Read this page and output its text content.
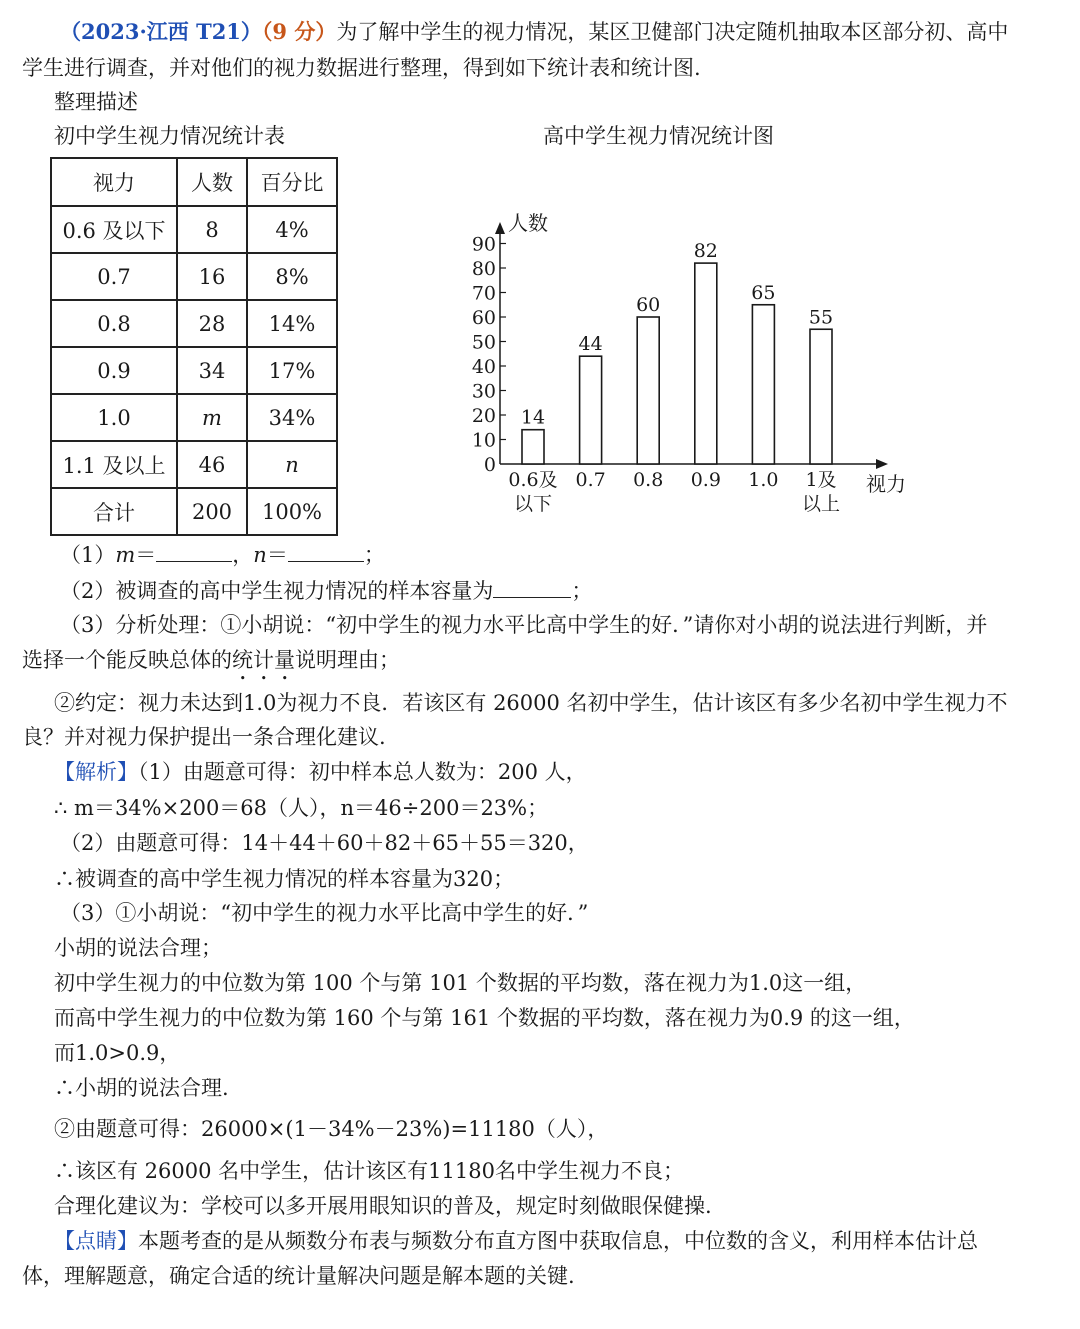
（2023·江西 T21）（9 分）为了解中学生的视力情况，某区卫健部门决定随机抽取本区部分初、高中
学生进行调查，并对他们的视力数据进行整理，得到如下统计表和统计图.
整理描述
初中学生视力情况统计表	高中学生视力情况统计图
视力	人数	百分比
0.6 及以下	8	4%
0.7	16	8%
0.8	28	14%
0.9	34	17%
1.0	m	34%
1.1 及以上	46	n
合计	200	100%
0
10
20
30
40
50
60
70
80
90
人数
视力
14
0.6及
以下
44
0.7
60
0.8
82
0.9
65
1.0
55
1及
以上
（1）m＝	，n＝	；
（2）被调查的高中学生视力情况的样本容量为	；
（3）分析处理：①小胡说：“初中学生的视力水平比高中学生的好．”请你对小胡的说法进行判断，并
选择一个能反映总体的统计量说明理由；
②约定：视力未达到1.0为视力不良．若该区有 26000 名初中学生，估计该区有多少名初中学生视力不
良？并对视力保护提出一条合理化建议.
【解析】（1）由题意可得：初中样本总人数为：200 人，
∴ m＝34%×200＝68（人），n＝46÷200＝23%；
（2）由题意可得：14＋44＋60＋82＋65＋55＝320，
∴被调查的高中学生视力情况的样本容量为320；
（3）①小胡说：“初中学生的视力水平比高中学生的好．”
小胡的说法合理；
初中学生视力的中位数为第 100 个与第 101 个数据的平均数，落在视力为1.0这一组，
而高中学生视力的中位数为第 160 个与第 161 个数据的平均数，落在视力为0.9 的这一组，
而1.0>0.9，
∴小胡的说法合理.
②由题意可得：26000×(1－34%－23%)=11180（人），
∴该区有 26000 名中学生，估计该区有11180名中学生视力不良；
合理化建议为：学校可以多开展用眼知识的普及，规定时刻做眼保健操.
【点睛】本题考查的是从频数分布表与频数分布直方图中获取信息，中位数的含义，利用样本估计总
体，理解题意，确定合适的统计量解决问题是解本题的关键.
